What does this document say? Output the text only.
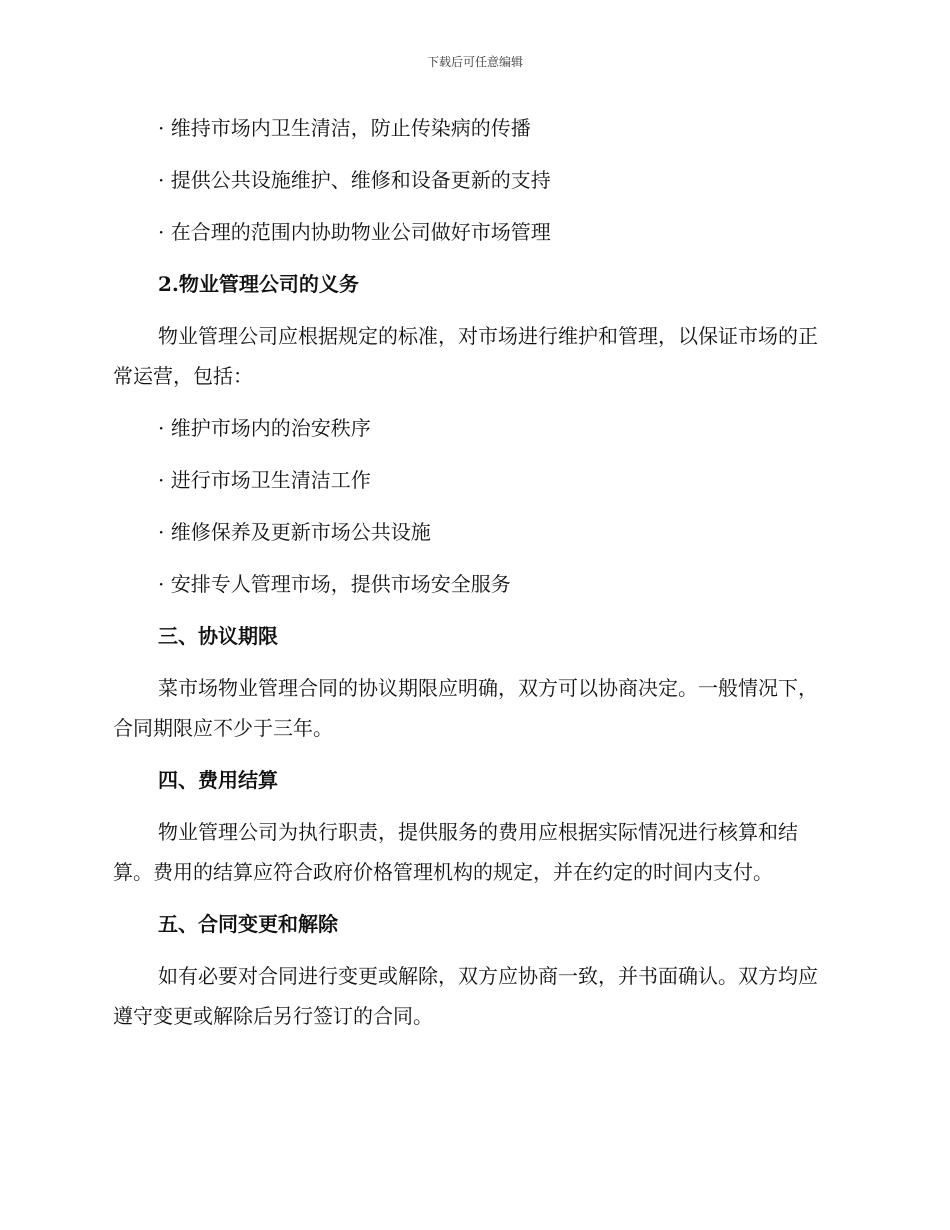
下载后可任意编辑
· 维持市场内卫生清洁，防止传染病的传播
· 提供公共设施维护、维修和设备更新的支持
· 在合理的范围内协助物业公司做好市场管理
2.物业管理公司的义务
物业管理公司应根据规定的标准，对市场进行维护和管理，以保证市场的正常运营，包括：
· 维护市场内的治安秩序
· 进行市场卫生清洁工作
· 维修保养及更新市场公共设施
· 安排专人管理市场，提供市场安全服务
三、协议期限
菜市场物业管理合同的协议期限应明确，双方可以协商决定。一般情况下，合同期限应不少于三年。
四、费用结算
物业管理公司为执行职责，提供服务的费用应根据实际情况进行核算和结算。费用的结算应符合政府价格管理机构的规定，并在约定的时间内支付。
五、合同变更和解除
如有必要对合同进行变更或解除，双方应协商一致，并书面确认。双方均应遵守变更或解除后另行签订的合同。
